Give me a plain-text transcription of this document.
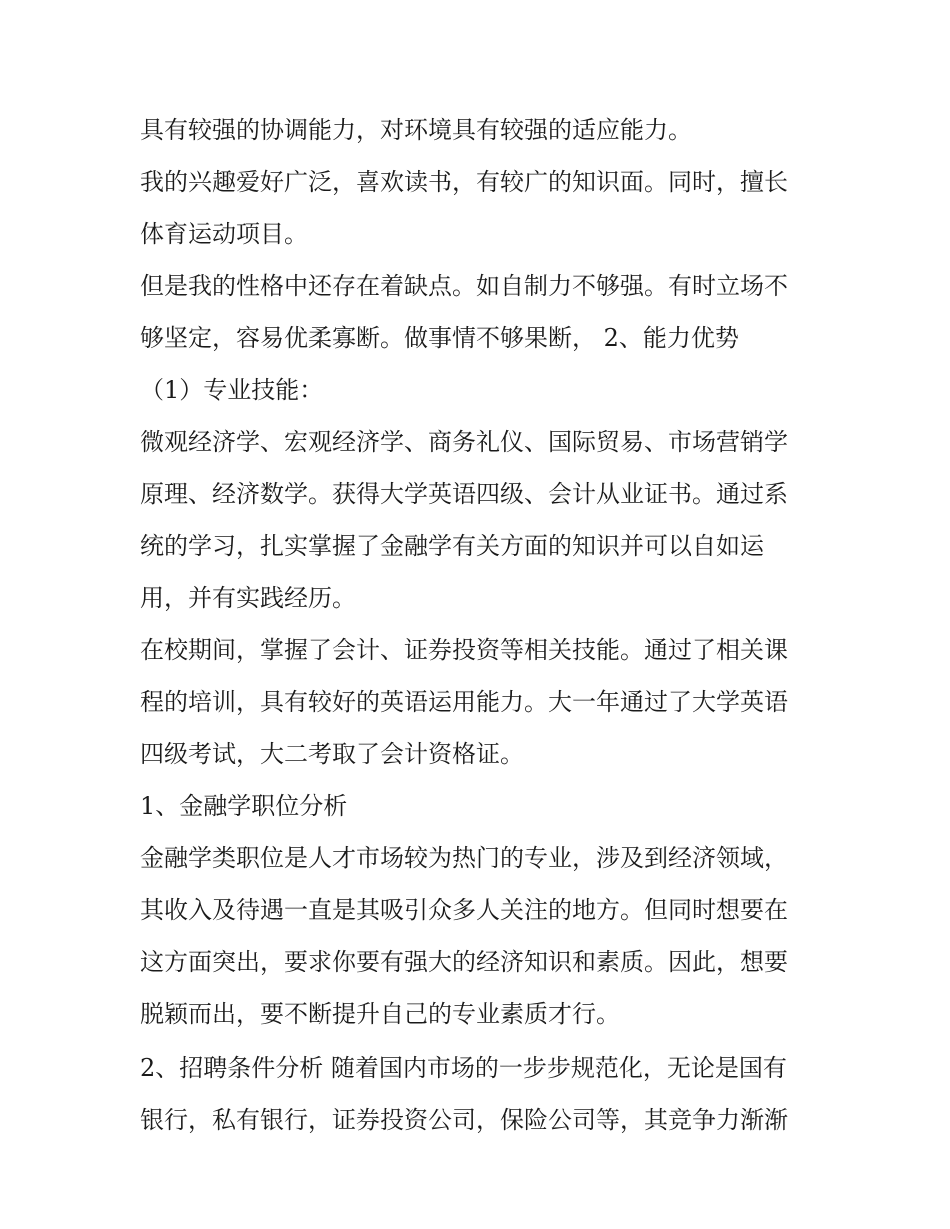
具有较强的协调能力，对环境具有较强的适应能力。
我的兴趣爱好广泛，喜欢读书，有较广的知识面。同时，擅长
体育运动项目。
但是我的性格中还存在着缺点。如自制力不够强。有时立场不
够坚定，容易优柔寡断。做事情不够果断， 2、能力优势
（1）专业技能：
微观经济学、宏观经济学、商务礼仪、国际贸易、市场营销学
原理、经济数学。获得大学英语四级、会计从业证书。通过系
统的学习，扎实掌握了金融学有关方面的知识并可以自如运
用，并有实践经历。
在校期间，掌握了会计、证券投资等相关技能。通过了相关课
程的培训，具有较好的英语运用能力。大一年通过了大学英语
四级考试，大二考取了会计资格证。
1、金融学职位分析
金融学类职位是人才市场较为热门的专业，涉及到经济领域，
其收入及待遇一直是其吸引众多人关注的地方。但同时想要在
这方面突出，要求你要有强大的经济知识和素质。因此，想要
脱颖而出，要不断提升自己的专业素质才行。
2、招聘条件分析 随着国内市场的一步步规范化，无论是国有
银行，私有银行，证券投资公司，保险公司等，其竞争力渐渐
